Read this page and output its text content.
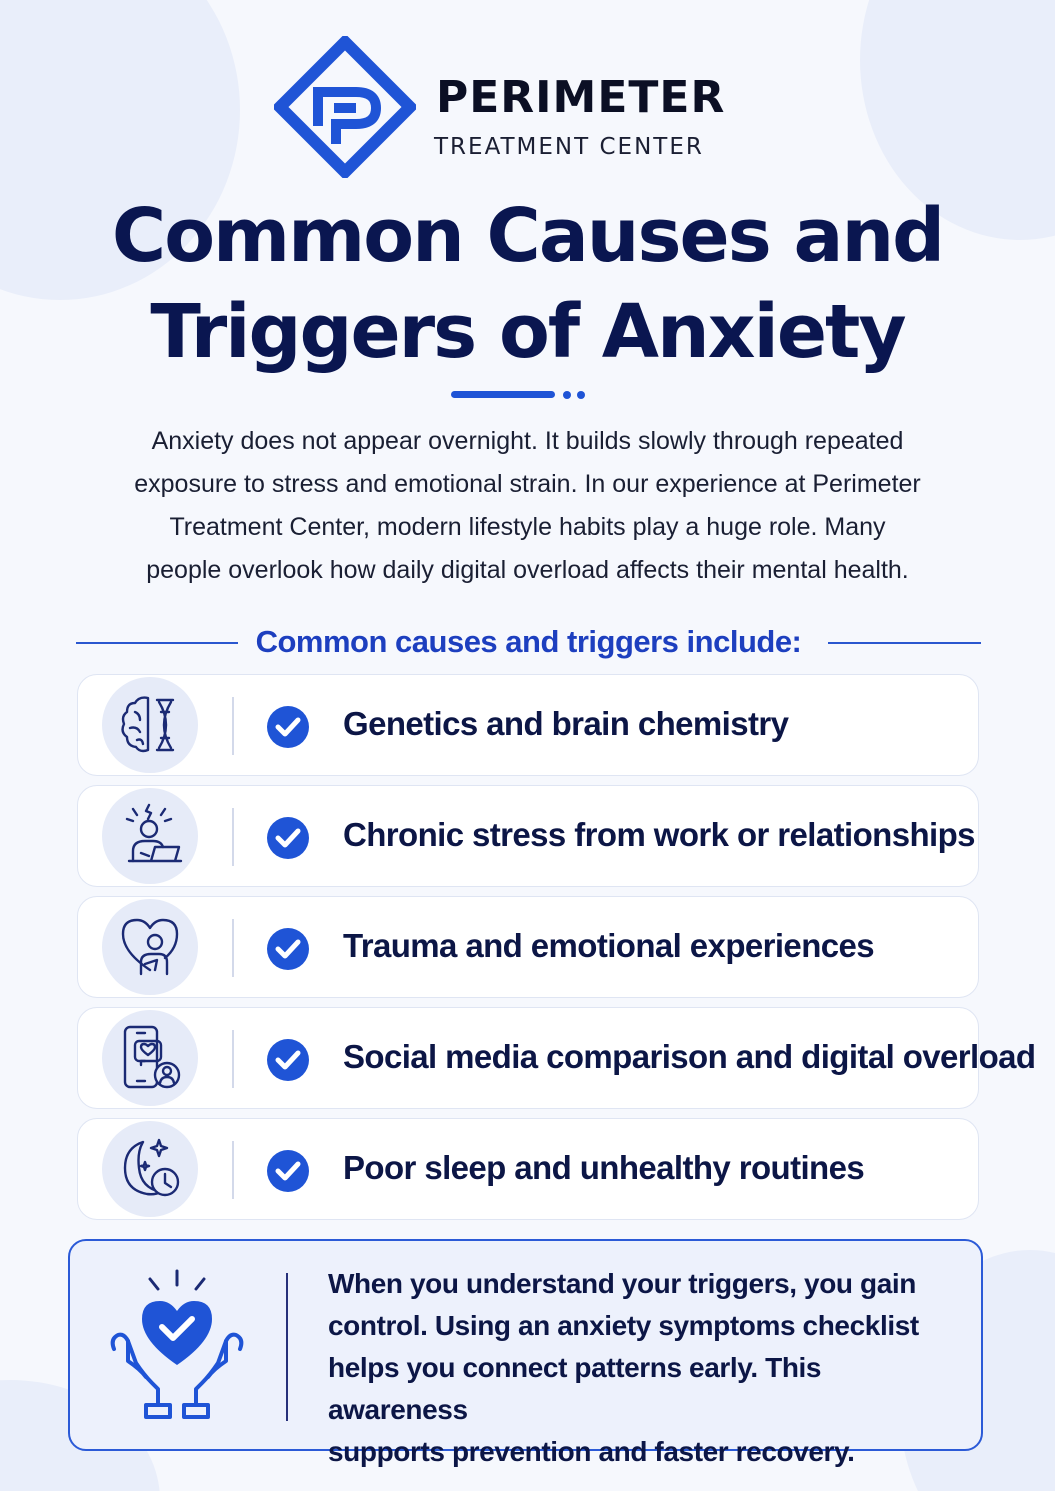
PERIMETER
TREATMENT CENTER
Common Causes and
Triggers of Anxiety
Anxiety does not appear overnight. It builds slowly through repeated
exposure to stress and emotional strain. In our experience at Perimeter
Treatment Center, modern lifestyle habits play a huge role. Many
people overlook how daily digital overload affects their mental health.
Common causes and triggers include:
Genetics and brain chemistry
Chronic stress from work or relationships
Trauma and emotional experiences
Social media comparison and digital overload
Poor sleep and unhealthy routines
When you understand your triggers, you gain
control. Using an anxiety symptoms checklist
helps you connect patterns early. This awareness
supports prevention and faster recovery.
